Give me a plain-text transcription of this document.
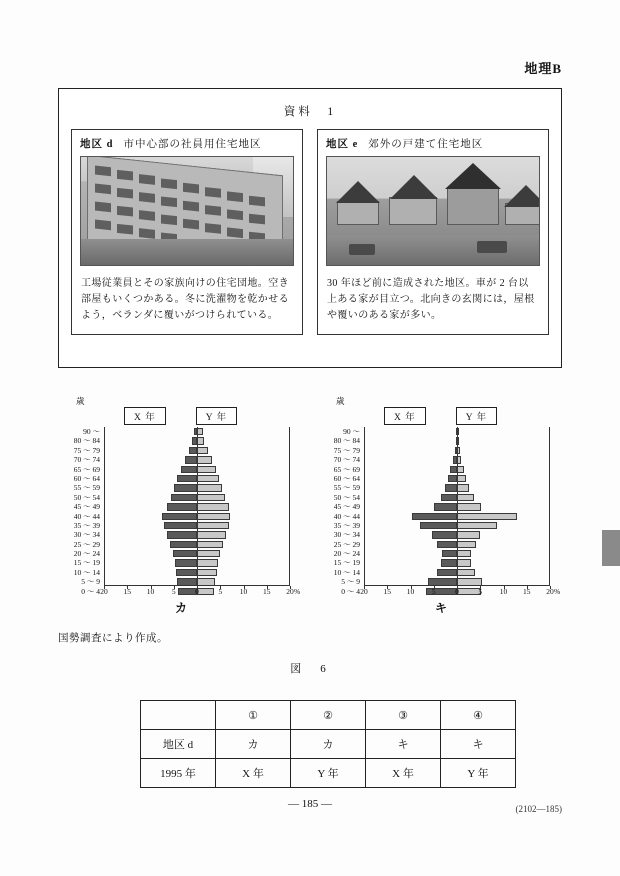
地理B
資料　1
地区 d 市中心部の社員用住宅地区
工場従業員とその家族向けの住宅団地。空き部屋もいくつかある。冬に洗濯物を乾かせるよう，ベランダに覆いがつけられている。
地区 e 郊外の戸建て住宅地区
30 年ほど前に造成された地区。車が 2 台以上ある家が目立つ。北向きの玄関には，屋根や覆いのある家が多い。
歳
X 年	Y 年
90 ～
80 ～ 84
75 ～ 79
70 ～ 74
65 ～ 69
60 ～ 64
55 ～ 59
50 ～ 54
45 ～ 49
40 ～ 44
35 ～ 39
30 ～ 34
25 ～ 29
20 ～ 24
15 ～ 19
10 ～ 14
5 ～ 9
0 ～ 4 20 15 10 5	0	5 10 15 20 %
カ
歳
X 年	Y 年
90 ～
80 ～ 84
75 ～ 79
70 ～ 74
65 ～ 69
60 ～ 64
55 ～ 59
50 ～ 54
45 ～ 49
40 ～ 44
35 ～ 39
30 ～ 34
25 ～ 29
20 ～ 24
15 ～ 19
10 ～ 14
5 ～ 9
0 ～ 4 20 15 10 5	0	5 10 15 20 %
キ
国勢調査により作成。
図　6
	①	②	③	④
地区 d	カ	カ	キ	キ
1995 年	X 年	Y 年	X 年	Y 年
— 185 —	(2102—185)
